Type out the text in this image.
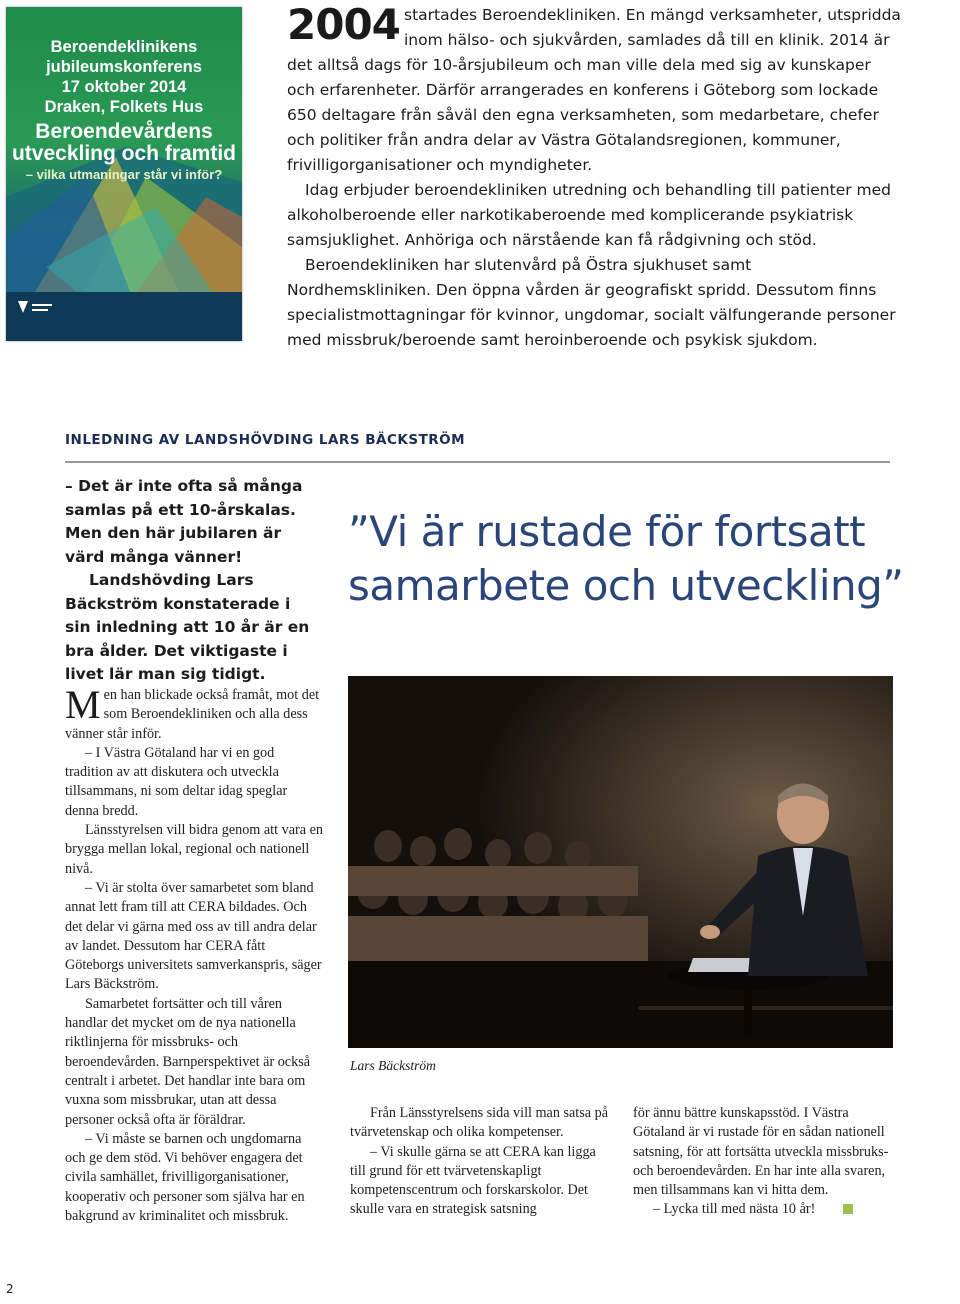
Beroendeklinikens
jubileumskonferens
17 oktober 2014
Draken, Folkets Hus
Beroendevårdens
utveckling och framtid
– vilka utmaningar står vi inför?
2004 startades Beroendekliniken. En mängd verksamheter, utspridda
inom hälso- och sjukvården, samlades då till en klinik. 2014 är
det alltså dags för 10-årsjubileum och man ville dela med sig av kunskaper och erfarenheter. Därför arrangerades en konferens i Göteborg som lockade 650 deltagare från såväl den egna verksamheten, som medarbetare, chefer och politiker från andra delar av Västra Götalandsregionen, kommuner, frivilligorganisationer och myndigheter.
Idag erbjuder beroendekliniken utredning och behandling till patienter med alkoholberoende eller narkotikaberoende med komplicerande psykiatrisk samsjuklighet. Anhöriga och närstående kan få rådgivning och stöd.
Beroendekliniken har slutenvård på Östra sjukhuset samt Nordhemskliniken. Den öppna vården är geografiskt spridd. Dessutom finns specialistmottagningar för kvinnor, ungdomar, socialt välfungerande personer med missbruk/beroende samt heroinberoende och psykisk sjukdom.
INLEDNING AV LANDSHÖVDING LARS BÄCKSTRÖM
– Det är inte ofta så många samlas på ett 10-årskalas. Men den här jubilaren är värd många vänner!
Landshövding Lars Bäckström konstaterade i sin inledning att 10 år är en bra ålder. Det viktigaste i livet lär man sig tidigt.
”Vi är rustade för fortsatt
samarbete och utveckling”
Lars Bäckström

Men han blickade också framåt, mot det som Beroendekliniken och alla dess vänner står inför.

– I Västra Götaland har vi en god tradition av att diskutera och utveckla tillsammans, ni som deltar idag speglar denna bredd.

Länsstyrelsen vill bidra genom att vara en brygga mellan lokal, regional och nationell nivå.

– Vi är stolta över samarbetet som bland annat lett fram till att CERA bildades. Och det delar vi gärna med oss av till andra delar av landet. Dessutom har CERA fått Göteborgs universitets samverkanspris, säger Lars Bäckström.

Samarbetet fortsätter och till våren handlar det mycket om de nya nationella riktlinjerna för missbruks- och beroendevården. Barnperspektivet är också centralt i arbetet. Det handlar inte bara om vuxna som missbrukar, utan att dessa personer också ofta är föräldrar.

– Vi måste se barnen och ungdomarna och ge dem stöd. Vi behöver engagera det civila samhället, frivilligorganisationer, kooperativ och personer som själva har en bakgrund av kriminalitet och missbruk.

Från Länsstyrelsens sida vill man satsa på tvärvetenskap och olika kompetenser.

– Vi skulle gärna se att CERA kan ligga till grund för ett tvärvetenskapligt kompetenscentrum och forskarskolor. Det skulle vara en strategisk satsning

för ännu bättre kunskapsstöd. I Västra Götaland är vi rustade för en sådan nationell satsning, för att fortsätta utveckla missbruks- och beroendevården. En har inte alla svaren, men tillsammans kan vi hitta dem.

– Lycka till med nästa 10 år!

2
